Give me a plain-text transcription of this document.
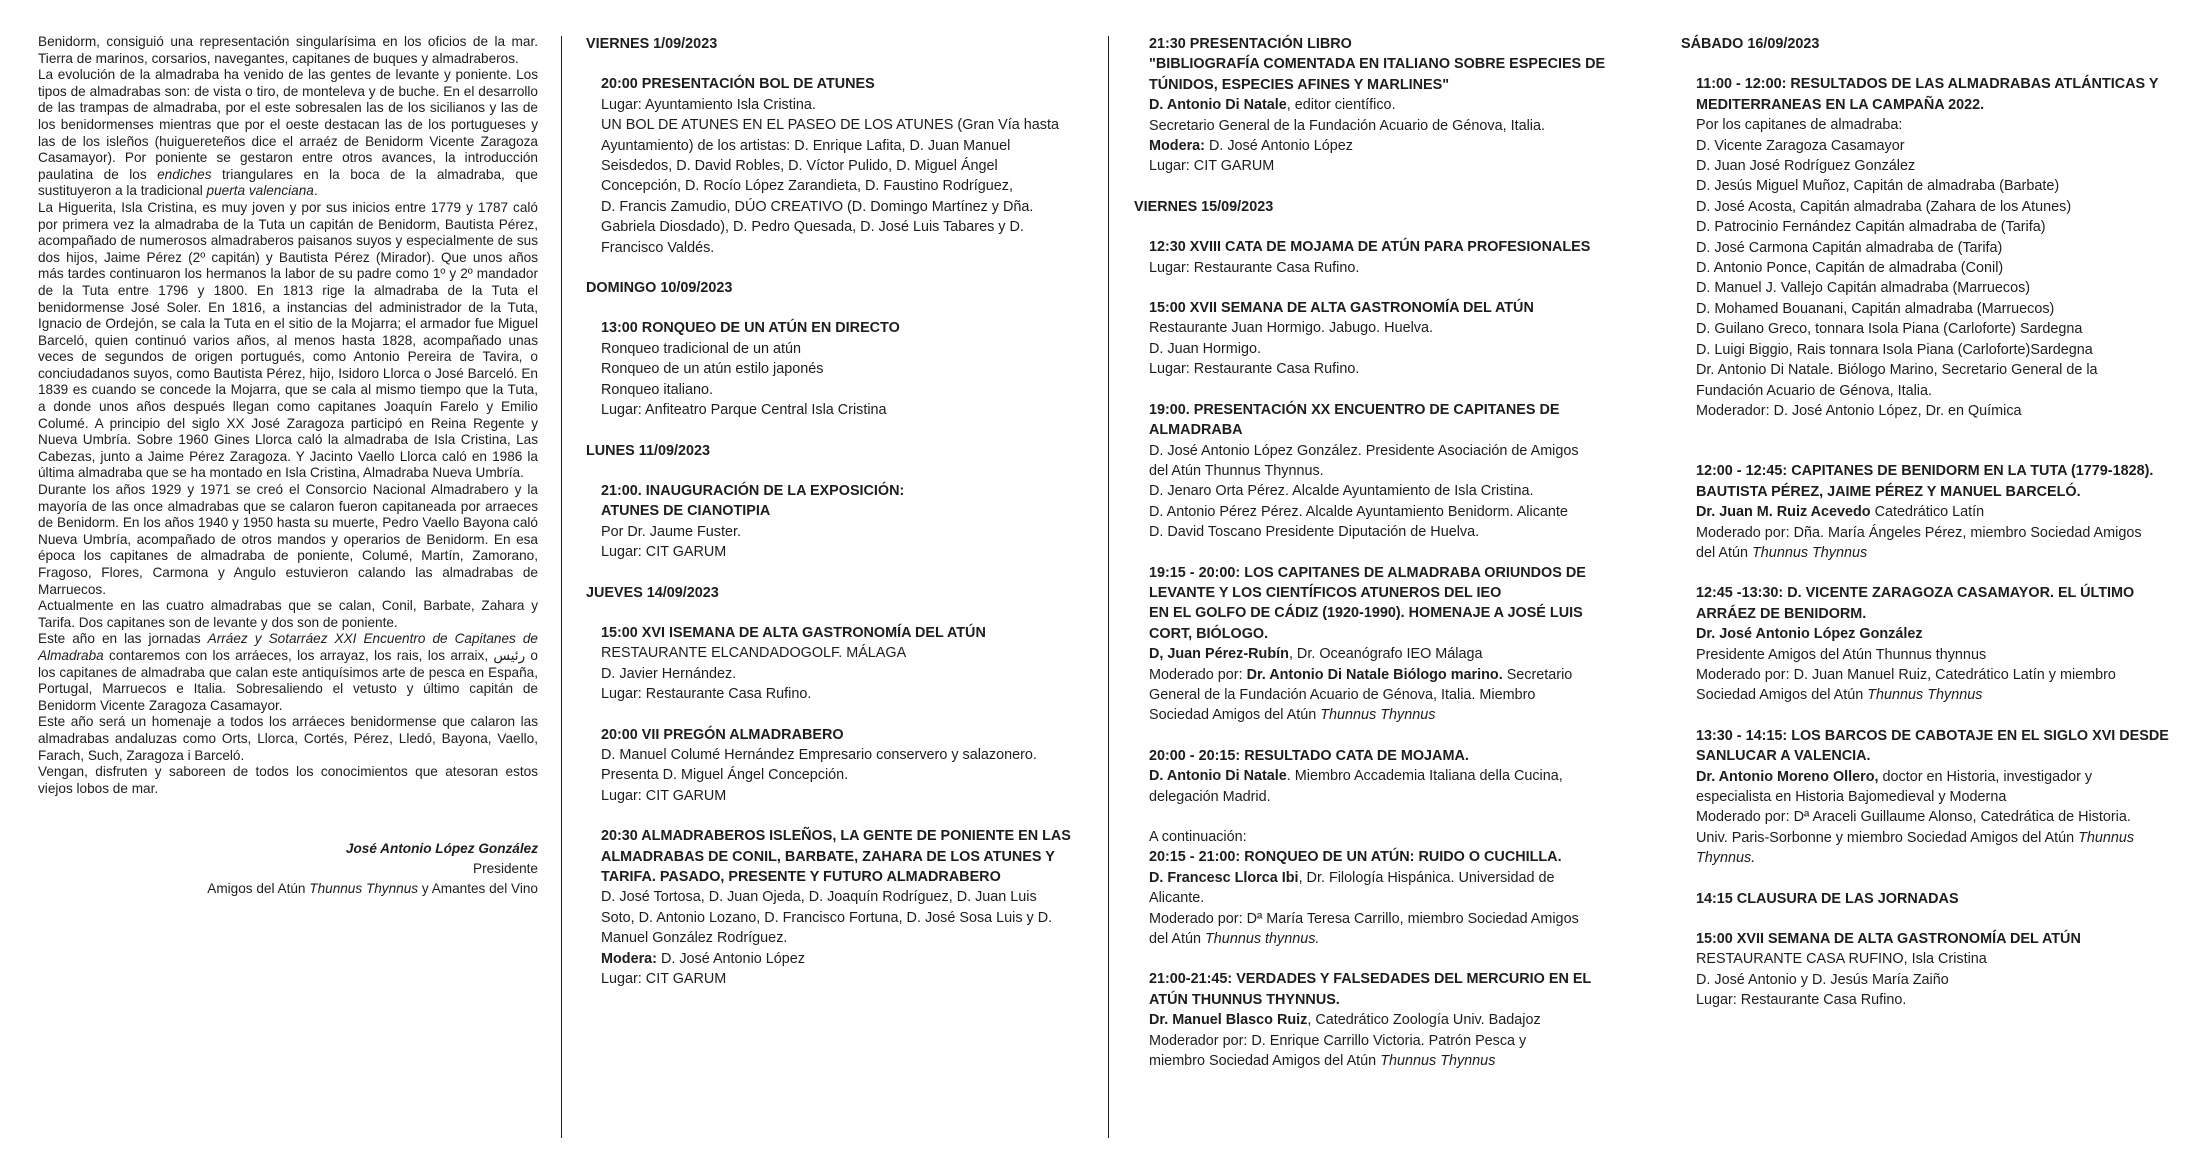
Benidorm, consiguió una representación singularísima en los oficios de la mar. Tierra de marinos, corsarios, navegantes, capitanes de buques y almadraberos.

La evolución de la almadraba ha venido de las gentes de levante y poniente. Los tipos de almadrabas son: de vista o tiro, de monteleva y de buche. En el desarrollo de las trampas de almadraba, por el este sobresalen las de los sicilianos y las de los benidormenses mientras que por el oeste destacan las de los portugueses y las de los isleños (huiguereteños dice el arraéz de Benidorm Vicente Zaragoza Casamayor). Por poniente se gestaron entre otros avances, la introducción paulatina de los endiches triangulares en la boca de la almadraba, que sustituyeron a la tradicional puerta valenciana.

La Higuerita, Isla Cristina, es muy joven y por sus inicios entre 1779 y 1787 caló por primera vez la almadraba de la Tuta un capitán de Benidorm, Bautista Pérez, acompañado de numerosos almadraberos paisanos suyos y especialmente de sus dos hijos, Jaime Pérez (2º capitán) y Bautista Pérez (Mirador). Que unos años más tardes continuaron los hermanos la labor de su padre como 1º y 2º mandador de la Tuta entre 1796 y 1800. En 1813 rige la almadraba de la Tuta el benidormense José Soler. En 1816, a instancias del administrador de la Tuta, Ignacio de Ordejón, se cala la Tuta en el sitio de la Mojarra; el armador fue Miguel Barceló, quien continuó varios años, al menos hasta 1828, acompañado unas veces de segundos de origen portugués, como Antonio Pereira de Tavira, o conciudadanos suyos, como Bautista Pérez, hijo, Isidoro Llorca o José Barceló. En 1839 es cuando se concede la Mojarra, que se cala al mismo tiempo que la Tuta, a donde unos años después llegan como capitanes Joaquín Farelo y Emilio Columé. A principio del siglo XX José Zaragoza participó en Reina Regente y Nueva Umbría. Sobre 1960 Gines Llorca caló la almadraba de Isla Cristina, Las Cabezas, junto a Jaime Pérez Zaragoza. Y Jacinto Vaello Llorca caló en 1986 la última almadraba que se ha montado en Isla Cristina, Almadraba Nueva Umbría.

Durante los años 1929 y 1971 se creó el Consorcio Nacional Almadrabero y la mayoría de las once almadrabas que se calaron fueron capitaneada por arraeces de Benidorm. En los años 1940 y 1950 hasta su muerte, Pedro Vaello Bayona caló Nueva Umbría, acompañado de otros mandos y operarios de Benidorm. En esa época los capitanes de almadraba de poniente, Columé, Martín, Zamorano, Fragoso, Flores, Carmona y Angulo estuvieron calando las almadrabas de Marruecos.

Actualmente en las cuatro almadrabas que se calan, Conil, Barbate, Zahara y Tarifa. Dos capitanes son de levante y dos son de poniente.

Este año en las jornadas Arráez y Sotarráez XXI Encuentro de Capitanes de Almadraba contaremos con los arráeces, los arrayaz, los rais, los arraix, رئيس o los capitanes de almadraba que calan este antiquísimos arte de pesca en España, Portugal, Marruecos e Italia. Sobresaliendo el vetusto y último capitán de Benidorm Vicente Zaragoza Casamayor.

Este año será un homenaje a todos los arráeces benidormense que calaron las almadrabas andaluzas como Orts, Llorca, Cortés, Pérez, Lledó, Bayona, Vaello, Farach, Such, Zaragoza i Barceló.

Vengan, disfruten y saboreen de todos los conocimientos que atesoran estos viejos lobos de mar.

José Antonio López González
Presidente
Amigos del Atún Thunnus Thynnus y Amantes del Vino
VIERNES 1/09/2023
20:00 PRESENTACIÓN BOL DE ATUNES
Lugar: Ayuntamiento Isla Cristina.
UN BOL DE ATUNES EN EL PASEO DE LOS ATUNES (Gran Vía hasta
Ayuntamiento) de los artistas: D. Enrique Lafita, D. Juan Manuel
Seisdedos, D. David Robles, D. Víctor Pulido, D. Miguel Ángel
Concepción, D. Rocío López Zarandieta, D. Faustino Rodríguez,
D. Francis Zamudio, DÚO CREATIVO (D. Domingo Martínez y Dña.
Gabriela Diosdado), D. Pedro Quesada, D. José Luis Tabares y D.
Francisco Valdés.
DOMINGO 10/09/2023
13:00 RONQUEO DE UN ATÚN EN DIRECTO
Ronqueo tradicional de un atún
Ronqueo de un atún estilo japonés
Ronqueo italiano.
Lugar: Anfiteatro Parque Central Isla Cristina
LUNES 11/09/2023
21:00. INAUGURACIÓN DE LA EXPOSICIÓN:
ATUNES DE CIANOTIPIA
Por Dr. Jaume Fuster.
Lugar: CIT GARUM
JUEVES 14/09/2023
15:00 XVI ISEMANA DE ALTA GASTRONOMÍA DEL ATÚN
RESTAURANTE ELCANDADOGOLF. MÁLAGA
D. Javier Hernández.
Lugar: Restaurante Casa Rufino.
20:00 VII PREGÓN ALMADRABERO
D. Manuel Columé Hernández Empresario conservero y salazonero.
Presenta D. Miguel Ángel Concepción.
Lugar: CIT GARUM
20:30 ALMADRABEROS ISLEÑOS, LA GENTE DE PONIENTE EN LAS
ALMADRABAS DE CONIL, BARBATE, ZAHARA DE LOS ATUNES Y
TARIFA. PASADO, PRESENTE Y FUTURO ALMADRABERO
D. José Tortosa, D. Juan Ojeda, D. Joaquín Rodríguez, D. Juan Luis
Soto, D. Antonio Lozano, D. Francisco Fortuna, D. José Sosa Luis y D.
Manuel González Rodríguez.
Modera: D. José Antonio López
Lugar: CIT GARUM
21:30 PRESENTACIÓN LIBRO
"BIBLIOGRAFÍA COMENTADA EN ITALIANO SOBRE ESPECIES DE
TÚNIDOS, ESPECIES AFINES Y MARLINES"
D. Antonio Di Natale, editor científico.
Secretario General de la Fundación Acuario de Génova, Italia.
Modera: D. José Antonio López
Lugar: CIT GARUM
VIERNES 15/09/2023
12:30 XVIII CATA DE MOJAMA DE ATÚN PARA PROFESIONALES
Lugar: Restaurante Casa Rufino.
15:00 XVII SEMANA DE ALTA GASTRONOMÍA DEL ATÚN
Restaurante Juan Hormigo. Jabugo. Huelva.
D. Juan Hormigo.
Lugar: Restaurante Casa Rufino.
19:00. PRESENTACIÓN XX ENCUENTRO DE CAPITANES DE
ALMADRABA
D. José Antonio López González. Presidente Asociación de Amigos
del Atún Thunnus Thynnus.
D. Jenaro Orta Pérez. Alcalde Ayuntamiento de Isla Cristina.
D. Antonio Pérez Pérez. Alcalde Ayuntamiento Benidorm. Alicante
D. David Toscano Presidente Diputación de Huelva.
19:15 - 20:00: LOS CAPITANES DE ALMADRABA ORIUNDOS DE
LEVANTE Y LOS CIENTÍFICOS ATUNEROS DEL IEO
EN EL GOLFO DE CÁDIZ (1920-1990). HOMENAJE A JOSÉ LUIS
CORT, BIÓLOGO.
D, Juan Pérez-Rubín, Dr. Oceanógrafo IEO Málaga
Moderado por: Dr. Antonio Di Natale Biólogo marino. Secretario
General de la Fundación Acuario de Génova, Italia. Miembro
Sociedad Amigos del Atún Thunnus Thynnus
20:00 - 20:15: RESULTADO CATA DE MOJAMA.
D. Antonio Di Natale. Miembro Accademia Italiana della Cucina,
delegación Madrid.
A continuación:
20:15 - 21:00: RONQUEO DE UN ATÚN: RUIDO O CUCHILLA.
D. Francesc Llorca Ibi, Dr. Filología Hispánica. Universidad de
Alicante.
Moderado por: Dª María Teresa Carrillo, miembro Sociedad Amigos
del Atún Thunnus thynnus.
21:00-21:45: VERDADES Y FALSEDADES DEL MERCURIO EN EL
ATÚN THUNNUS THYNNUS.
Dr. Manuel Blasco Ruiz, Catedrático Zoología Univ. Badajoz
Moderador por: D. Enrique Carrillo Victoria. Patrón Pesca y
miembro Sociedad Amigos del Atún Thunnus Thynnus
SÁBADO 16/09/2023
11:00 - 12:00: RESULTADOS DE LAS ALMADRABAS ATLÁNTICAS Y
MEDITERRANEAS EN LA CAMPAÑA 2022.
Por los capitanes de almadraba:
D. Vicente Zaragoza Casamayor
D. Juan José Rodríguez González
D. Jesús Miguel Muñoz, Capitán de almadraba (Barbate)
D. José Acosta, Capitán almadraba (Zahara de los Atunes)
D. Patrocinio Fernández Capitán almadraba de (Tarifa)
D. José Carmona Capitán almadraba de (Tarifa)
D. Antonio Ponce, Capitán de almadraba (Conil)
D. Manuel J. Vallejo Capitán almadraba (Marruecos)
D. Mohamed Bouanani, Capitán almadraba (Marruecos)
D. Guilano Greco, tonnara Isola Piana (Carloforte) Sardegna
D. Luigi Biggio, Rais tonnara Isola Piana (Carloforte)Sardegna
Dr. Antonio Di Natale. Biólogo Marino, Secretario General de la
Fundación Acuario de Génova, Italia.
Moderador: D. José Antonio López, Dr. en Química
12:00 - 12:45: CAPITANES DE BENIDORM EN LA TUTA (1779-1828).
BAUTISTA PÉREZ, JAIME PÉREZ Y MANUEL BARCELÓ.
Dr. Juan M. Ruiz Acevedo Catedrático Latín
Moderado por: Dña. María Ángeles Pérez, miembro Sociedad Amigos
del Atún Thunnus Thynnus
12:45 -13:30: D. VICENTE ZARAGOZA CASAMAYOR. EL ÚLTIMO
ARRÁEZ DE BENIDORM.
Dr. José Antonio López González
Presidente Amigos del Atún Thunnus thynnus
Moderado por: D. Juan Manuel Ruiz, Catedrático Latín y miembro
Sociedad Amigos del Atún Thunnus Thynnus
13:30 - 14:15: LOS BARCOS DE CABOTAJE EN EL SIGLO XVI DESDE
SANLUCAR A VALENCIA.
Dr. Antonio Moreno Ollero, doctor en Historia, investigador y
especialista en Historia Bajomedieval y Moderna
Moderado por: Dª Araceli Guillaume Alonso, Catedrática de Historia.
Univ. Paris-Sorbonne y miembro Sociedad Amigos del Atún Thunnus
Thynnus.
14:15 CLAUSURA DE LAS JORNADAS
15:00 XVII SEMANA DE ALTA GASTRONOMÍA DEL ATÚN
RESTAURANTE CASA RUFINO, Isla Cristina
D. José Antonio y D. Jesús María Zaiño
Lugar: Restaurante Casa Rufino.
